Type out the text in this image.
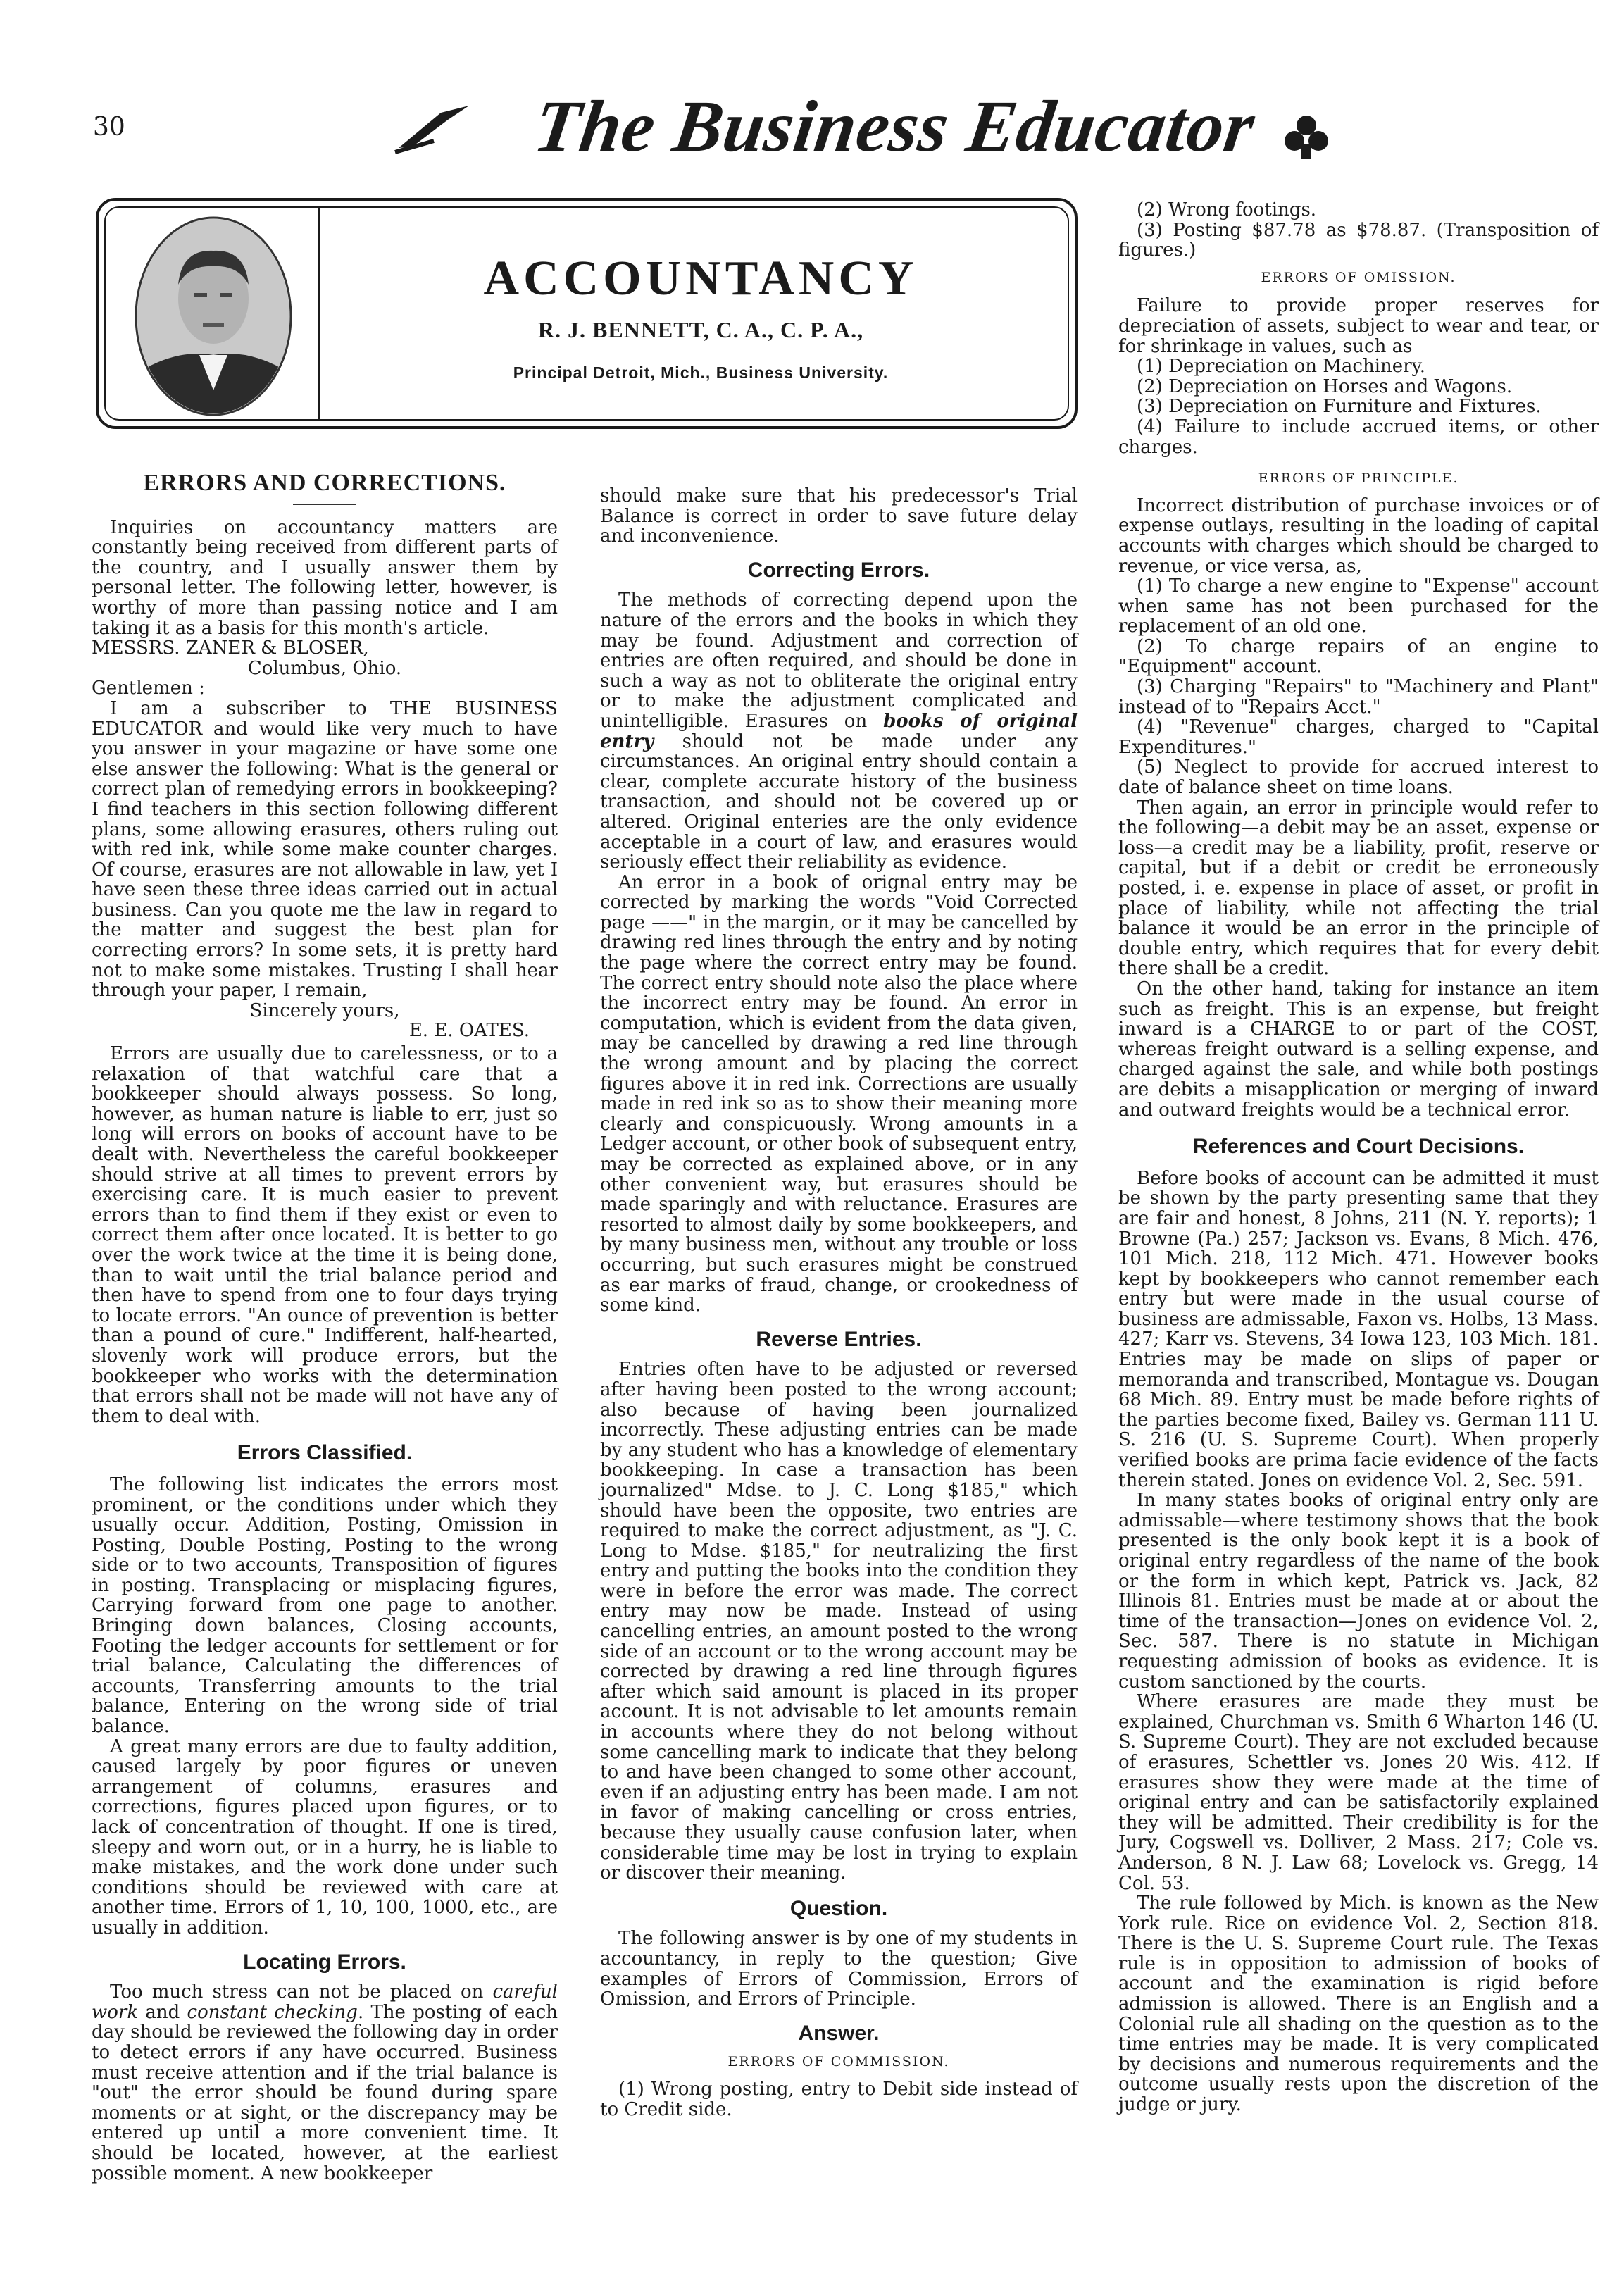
30	The Business Educator
ACCOUNTANCY
R. J. BENNETT, C. A., C. P. A.,
Principal Detroit, Mich., Business University.
ERRORS AND CORRECTIONS.

Inquiries on accountancy matters are constantly being received from different parts of the country, and I usually answer them by personal letter. The following letter, however, is worthy of more than passing notice and I am taking it as a basis for this month's article.

MESSRS. ZANER & BLOSER,

Columbus, Ohio.

Gentlemen :

I am a subscriber to THE BUSINESS EDUCATOR and would like very much to have you answer in your magazine or have some one else answer the following: What is the general or correct plan of remedying errors in bookkeeping? I find teachers in this section following different plans, some allowing erasures, others ruling out with red ink, while some make counter charges. Of course, erasures are not allowable in law, yet I have seen these three ideas carried out in actual business. Can you quote me the law in regard to the matter and suggest the best plan for correcting errors? In some sets, it is pretty hard not to make some mistakes. Trusting I shall hear through your paper, I remain,

Sincerely yours,

E. E. OATES.

Errors are usually due to carelessness, or to a relaxation of that watchful care that a bookkeeper should always possess. So long, however, as human nature is liable to err, just so long will errors on books of account have to be dealt with. Nevertheless the careful bookkeeper should strive at all times to prevent errors by exercising care. It is much easier to prevent errors than to find them if they exist or even to correct them after once located. It is better to go over the work twice at the time it is being done, than to wait until the trial balance period and then have to spend from one to four days trying to locate errors. "An ounce of prevention is better than a pound of cure." Indifferent, half-hearted, slovenly work will produce errors, but the bookkeeper who works with the determination that errors shall not be made will not have any of them to deal with.

Errors Classified.

The following list indicates the errors most prominent, or the conditions under which they usually occur. Addition, Posting, Omission in Posting, Double Posting, Posting to the wrong side or to two accounts, Transposition of figures in posting. Transplacing or misplacing figures, Carrying forward from one page to another. Bringing down balances, Closing accounts, Footing the ledger accounts for settlement or for trial balance, Calculating the differences of accounts, Transferring amounts to the trial balance, Entering on the wrong side of trial balance.

A great many errors are due to faulty addition, caused largely by poor figures or uneven arrangement of columns, erasures and corrections, figures placed upon figures, or to lack of concentration of thought. If one is tired, sleepy and worn out, or in a hurry, he is liable to make mistakes, and the work done under such conditions should be reviewed with care at another time. Errors of 1, 10, 100, 1000, etc., are usually in addition.

Locating Errors.

Too much stress can not be placed on careful work and constant checking. The posting of each day should be reviewed the following day in order to detect errors if any have occurred. Business must receive attention and if the trial balance is "out" the error should be found during spare moments or at sight, or the discrepancy may be entered up until a more convenient time. It should be located, however, at the earliest possible moment. A new bookkeeper

should make sure that his predecessor's Trial Balance is correct in order to save future delay and inconvenience.

Correcting Errors.

The methods of correcting depend upon the nature of the errors and the books in which they may be found. Adjustment and correction of entries are often required, and should be done in such a way as not to obliterate the original entry or to make the adjustment complicated and unintelligible. Erasures on books of original entry should not be made under any circumstances. An original entry should contain a clear, complete accurate history of the business transaction, and should not be covered up or altered. Original enteries are the only evidence acceptable in a court of law, and erasures would seriously effect their reliability as evidence.

An error in a book of orignal entry may be corrected by marking the words "Void Corrected page ——" in the margin, or it may be cancelled by drawing red lines through the entry and by noting the page where the correct entry may be found. The correct entry should note also the place where the incorrect entry may be found. An error in computation, which is evident from the data given, may be cancelled by drawing a red line through the wrong amount and by placing the correct figures above it in red ink. Corrections are usually made in red ink so as to show their meaning more clearly and conspicuously. Wrong amounts in a Ledger account, or other book of subsequent entry, may be corrected as explained above, or in any other convenient way, but erasures should be made sparingly and with reluctance. Erasures are resorted to almost daily by some bookkeepers, and by many business men, without any trouble or loss occurring, but such erasures might be construed as ear marks of fraud, change, or crookedness of some kind.

Reverse Entries.

Entries often have to be adjusted or reversed after having been posted to the wrong account; also because of having been journalized incorrectly. These adjusting entries can be made by any student who has a knowledge of elementary bookkeeping. In case a transaction has been journalized" Mdse. to J. C. Long $185," which should have been the opposite, two entries are required to make the correct adjustment, as "J. C. Long to Mdse. $185," for neutralizing the first entry and putting the books into the condition they were in before the error was made. The correct entry may now be made. Instead of using cancelling entries, an amount posted to the wrong side of an account or to the wrong account may be corrected by drawing a red line through figures after which said amount is placed in its proper account. It is not advisable to let amounts remain in accounts where they do not belong without some cancelling mark to indicate that they belong to and have been changed to some other account, even if an adjusting entry has been made. I am not in favor of making cancelling or cross entries, because they usually cause confusion later, when considerable time may be lost in trying to explain or discover their meaning.

Question.

The following answer is by one of my students in accountancy, in reply to the question; Give examples of Errors of Commission, Errors of Omission, and Errors of Principle.

Answer.
ERRORS OF COMMISSION.

(1) Wrong posting, entry to Debit side instead of to Credit side.

(2) Wrong footings.

(3) Posting $87.78 as $78.87. (Transposition of figures.)

ERRORS OF OMISSION.

Failure to provide proper reserves for depreciation of assets, subject to wear and tear, or for shrinkage in values, such as

(1) Depreciation on Machinery.

(2) Depreciation on Horses and Wagons.

(3) Depreciation on Furniture and Fixtures.

(4) Failure to include accrued items, or other charges.

ERRORS OF PRINCIPLE.

Incorrect distribution of purchase invoices or of expense outlays, resulting in the loading of capital accounts with charges which should be charged to revenue, or vice versa, as,

(1) To charge a new engine to "Expense" account when same has not been purchased for the replacement of an old one.

(2) To charge repairs of an engine to "Equipment" account.

(3) Charging "Repairs" to "Machinery and Plant" instead of to "Repairs Acct."

(4) "Revenue" charges, charged to "Capital Expenditures."

(5) Neglect to provide for accrued interest to date of balance sheet on time loans.

Then again, an error in principle would refer to the following—a debit may be an asset, expense or loss—a credit may be a liability, profit, reserve or capital, but if a debit or credit be erroneously posted, i. e. expense in place of asset, or profit in place of liability, while not affecting the trial balance it would be an error in the principle of double entry, which requires that for every debit there shall be a credit.

On the other hand, taking for instance an item such as freight. This is an expense, but freight inward is a CHARGE to or part of the COST, whereas freight outward is a selling expense, and charged against the sale, and while both postings are debits a misapplication or merging of inward and outward freights would be a technical error.

References and Court Decisions.

Before books of account can be admitted it must be shown by the party presenting same that they are fair and honest, 8 Johns, 211 (N. Y. reports); 1 Browne (Pa.) 257; Jackson vs. Evans, 8 Mich. 476, 101 Mich. 218, 112 Mich. 471. However books kept by bookkeepers who cannot remember each entry but were made in the usual course of business are admissable, Faxon vs. Holbs, 13 Mass. 427; Karr vs. Stevens, 34 Iowa 123, 103 Mich. 181. Entries may be made on slips of paper or memoranda and transcribed, Montague vs. Dougan 68 Mich. 89. Entry must be made before rights of the parties become fixed, Bailey vs. German 111 U. S. 216 (U. S. Supreme Court). When properly verified books are prima facie evidence of the facts therein stated. Jones on evidence Vol. 2, Sec. 591.

In many states books of original entry only are admissable—where testimony shows that the book presented is the only book kept it is a book of original entry regardless of the name of the book or the form in which kept, Patrick vs. Jack, 82 Illinois 81. Entries must be made at or about the time of the transaction—Jones on evidence Vol. 2, Sec. 587. There is no statute in Michigan requesting admission of books as evidence. It is custom sanctioned by the courts.

Where erasures are made they must be explained, Churchman vs. Smith 6 Wharton 146 (U. S. Supreme Court). They are not excluded because of erasures, Schettler vs. Jones 20 Wis. 412. If erasures show they were made at the time of original entry and can be satisfactorily explained they will be admitted. Their credibility is for the Jury, Cogswell vs. Dolliver, 2 Mass. 217; Cole vs. Anderson, 8 N. J. Law 68; Lovelock vs. Gregg, 14 Col. 53.

The rule followed by Mich. is known as the New York rule. Rice on evidence Vol. 2, Section 818. There is the U. S. Supreme Court rule. The Texas rule is in opposition to admission of books of account and the examination is rigid before admission is allowed. There is an English and a Colonial rule all shading on the question as to the time entries may be made. It is very complicated by decisions and numerous requirements and the outcome usually rests upon the discretion of the judge or jury.
